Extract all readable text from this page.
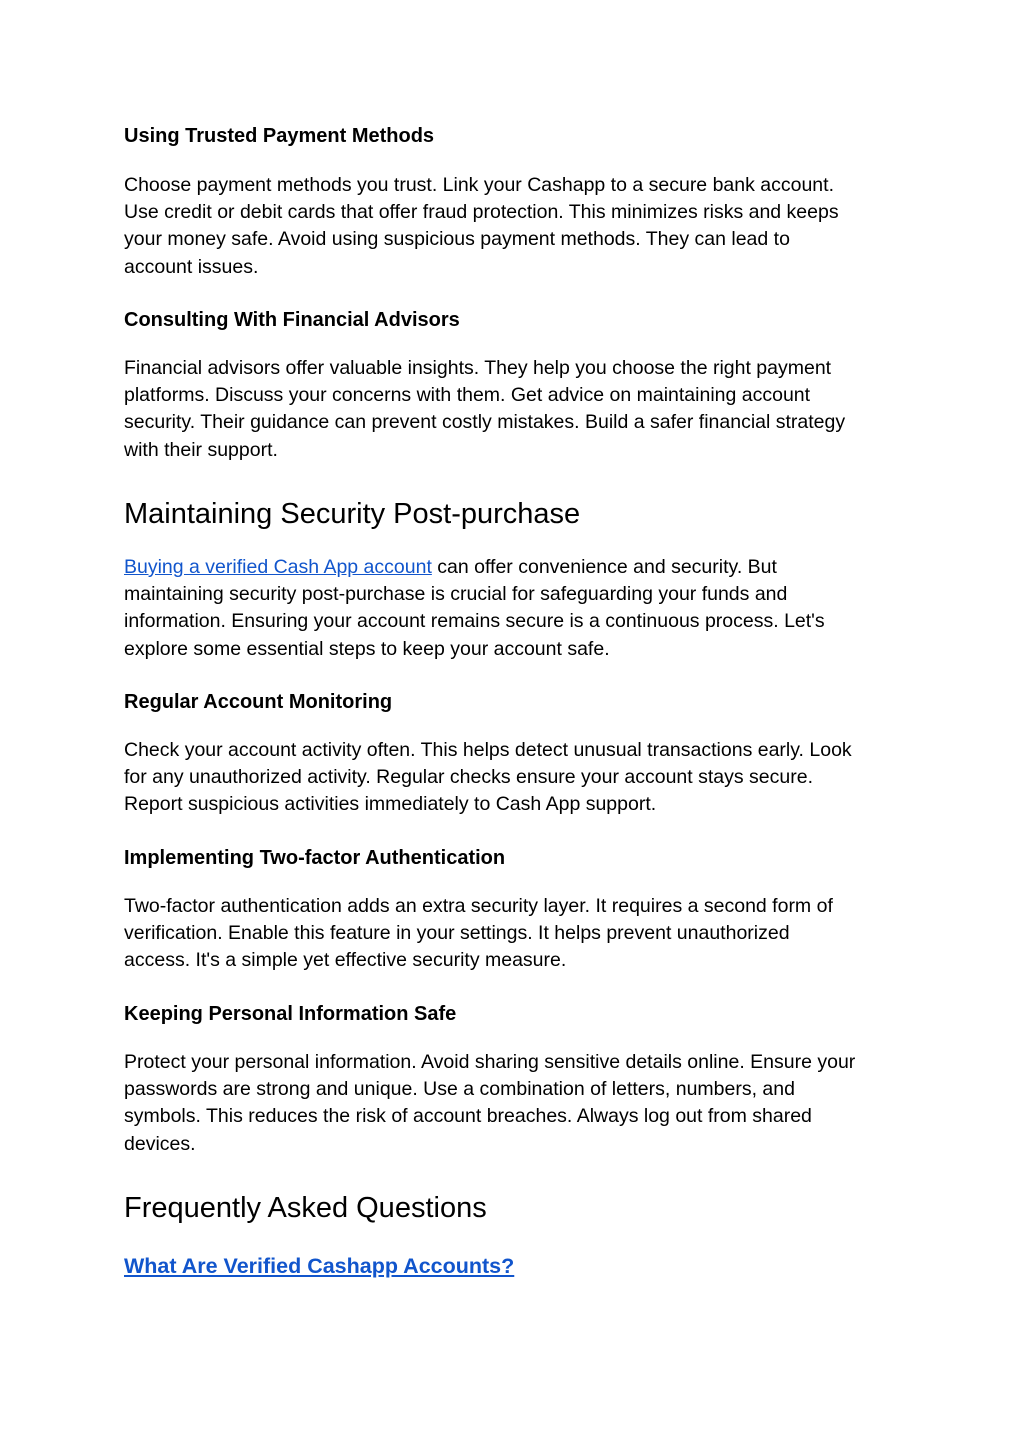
Using Trusted Payment Methods
Choose payment methods you trust. Link your Cashapp to a secure bank account.
Use credit or debit cards that offer fraud protection. This minimizes risks and keeps
your money safe. Avoid using suspicious payment methods. They can lead to
account issues.
Consulting With Financial Advisors
Financial advisors offer valuable insights. They help you choose the right payment
platforms. Discuss your concerns with them. Get advice on maintaining account
security. Their guidance can prevent costly mistakes. Build a safer financial strategy
with their support.
Maintaining Security Post-purchase
Buying a verified Cash App account can offer convenience and security. But
maintaining security post-purchase is crucial for safeguarding your funds and
information. Ensuring your account remains secure is a continuous process. Let's
explore some essential steps to keep your account safe.
Regular Account Monitoring
Check your account activity often. This helps detect unusual transactions early. Look
for any unauthorized activity. Regular checks ensure your account stays secure.
Report suspicious activities immediately to Cash App support.
Implementing Two-factor Authentication
Two-factor authentication adds an extra security layer. It requires a second form of
verification. Enable this feature in your settings. It helps prevent unauthorized
access. It's a simple yet effective security measure.
Keeping Personal Information Safe
Protect your personal information. Avoid sharing sensitive details online. Ensure your
passwords are strong and unique. Use a combination of letters, numbers, and
symbols. This reduces the risk of account breaches. Always log out from shared
devices.
Frequently Asked Questions
What Are Verified Cashapp Accounts?
